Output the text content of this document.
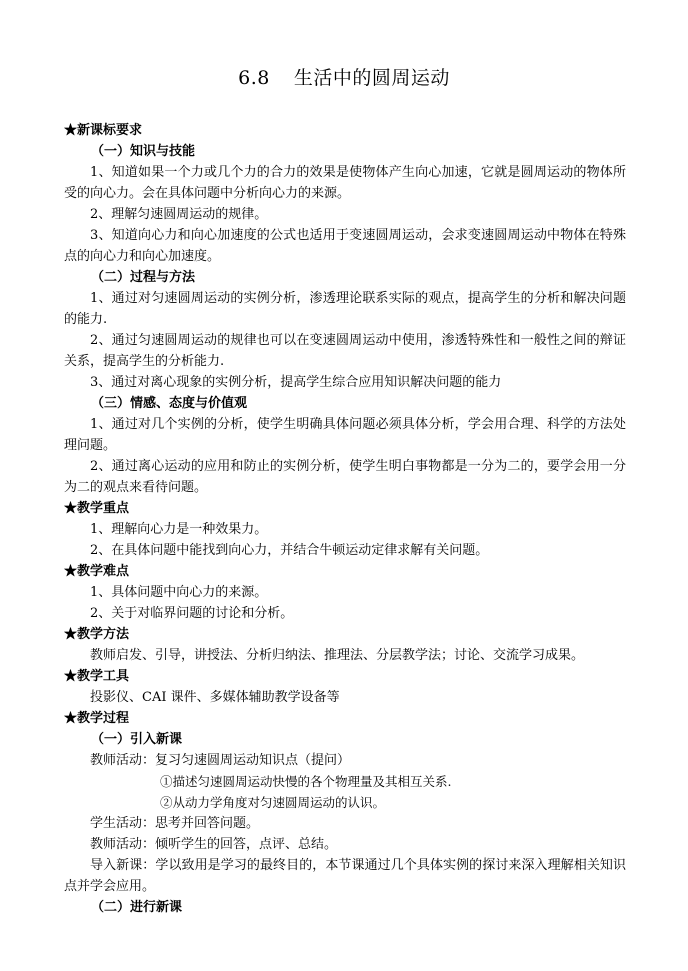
6.8 生活中的圆周运动
★新课标要求
（一）知识与技能
1、知道如果一个力或几个力的合力的效果是使物体产生向心加速，它就是圆周运动的物体所受的向心力。会在具体问题中分析向心力的来源。
2、理解匀速圆周运动的规律。
3、知道向心力和向心加速度的公式也适用于变速圆周运动，会求变速圆周运动中物体在特殊点的向心力和向心加速度。
（二）过程与方法
1、通过对匀速圆周运动的实例分析，渗透理论联系实际的观点，提高学生的分析和解决问题的能力.
2、通过匀速圆周运动的规律也可以在变速圆周运动中使用，渗透特殊性和一般性之间的辩证关系，提高学生的分析能力.
3、通过对离心现象的实例分析，提高学生综合应用知识解决问题的能力
（三）情感、态度与价值观
1、通过对几个实例的分析，使学生明确具体问题必须具体分析，学会用合理、科学的方法处理问题。
2、通过离心运动的应用和防止的实例分析，使学生明白事物都是一分为二的，要学会用一分为二的观点来看待问题。
★教学重点
1、理解向心力是一种效果力。
2、在具体问题中能找到向心力，并结合牛顿运动定律求解有关问题。
★教学难点
1、具体问题中向心力的来源。
2、关于对临界问题的讨论和分析。
★教学方法
教师启发、引导，讲授法、分析归纳法、推理法、分层教学法；讨论、交流学习成果。
★教学工具
投影仪、CAI 课件、多媒体辅助教学设备等
★教学过程
（一）引入新课
教师活动：复习匀速圆周运动知识点（提问）
①描述匀速圆周运动快慢的各个物理量及其相互关系.
②从动力学角度对匀速圆周运动的认识。
学生活动：思考并回答问题。
教师活动：倾听学生的回答，点评、总结。
导入新课：学以致用是学习的最终目的，本节课通过几个具体实例的探讨来深入理解相关知识点并学会应用。
（二）进行新课
